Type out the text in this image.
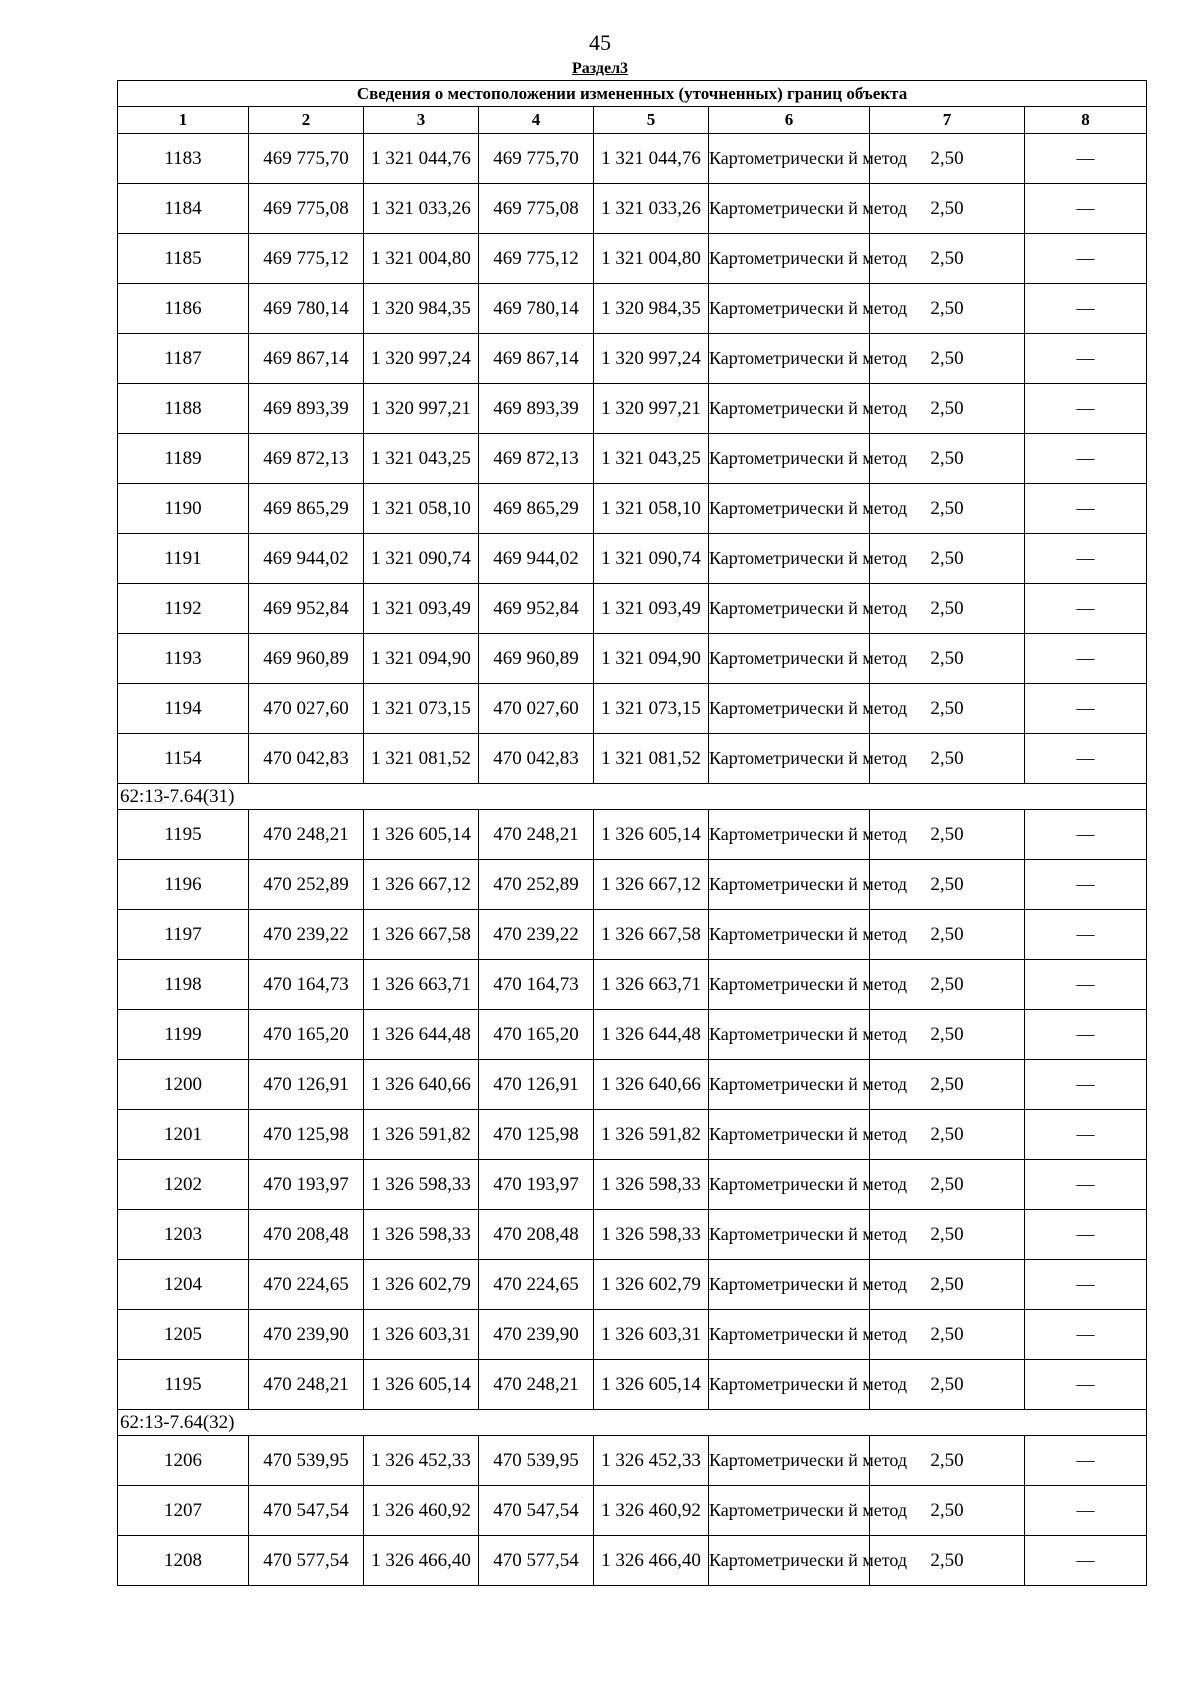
45
Раздел3
Сведения о местоположении измененных (уточненных) границ объекта							
1	2	3	4	5	6	7	8
1183	469 775,70	1 321 044,76	469 775,70	1 321 044,76	Картометрически й метод	2,50	—
1184	469 775,08	1 321 033,26	469 775,08	1 321 033,26	Картометрически й метод	2,50	—
1185	469 775,12	1 321 004,80	469 775,12	1 321 004,80	Картометрически й метод	2,50	—
1186	469 780,14	1 320 984,35	469 780,14	1 320 984,35	Картометрически й метод	2,50	—
1187	469 867,14	1 320 997,24	469 867,14	1 320 997,24	Картометрически й метод	2,50	—
1188	469 893,39	1 320 997,21	469 893,39	1 320 997,21	Картометрически й метод	2,50	—
1189	469 872,13	1 321 043,25	469 872,13	1 321 043,25	Картометрически й метод	2,50	—
1190	469 865,29	1 321 058,10	469 865,29	1 321 058,10	Картометрически й метод	2,50	—
1191	469 944,02	1 321 090,74	469 944,02	1 321 090,74	Картометрически й метод	2,50	—
1192	469 952,84	1 321 093,49	469 952,84	1 321 093,49	Картометрически й метод	2,50	—
1193	469 960,89	1 321 094,90	469 960,89	1 321 094,90	Картометрически й метод	2,50	—
1194	470 027,60	1 321 073,15	470 027,60	1 321 073,15	Картометрически й метод	2,50	—
1154	470 042,83	1 321 081,52	470 042,83	1 321 081,52	Картометрически й метод	2,50	—
62:13-7.64(31)							
1195	470 248,21	1 326 605,14	470 248,21	1 326 605,14	Картометрически й метод	2,50	—
1196	470 252,89	1 326 667,12	470 252,89	1 326 667,12	Картометрически й метод	2,50	—
1197	470 239,22	1 326 667,58	470 239,22	1 326 667,58	Картометрически й метод	2,50	—
1198	470 164,73	1 326 663,71	470 164,73	1 326 663,71	Картометрически й метод	2,50	—
1199	470 165,20	1 326 644,48	470 165,20	1 326 644,48	Картометрически й метод	2,50	—
1200	470 126,91	1 326 640,66	470 126,91	1 326 640,66	Картометрически й метод	2,50	—
1201	470 125,98	1 326 591,82	470 125,98	1 326 591,82	Картометрически й метод	2,50	—
1202	470 193,97	1 326 598,33	470 193,97	1 326 598,33	Картометрически й метод	2,50	—
1203	470 208,48	1 326 598,33	470 208,48	1 326 598,33	Картометрически й метод	2,50	—
1204	470 224,65	1 326 602,79	470 224,65	1 326 602,79	Картометрически й метод	2,50	—
1205	470 239,90	1 326 603,31	470 239,90	1 326 603,31	Картометрически й метод	2,50	—
1195	470 248,21	1 326 605,14	470 248,21	1 326 605,14	Картометрически й метод	2,50	—
62:13-7.64(32)							
1206	470 539,95	1 326 452,33	470 539,95	1 326 452,33	Картометрически й метод	2,50	—
1207	470 547,54	1 326 460,92	470 547,54	1 326 460,92	Картометрически й метод	2,50	—
1208	470 577,54	1 326 466,40	470 577,54	1 326 466,40	Картометрически й метод	2,50	—
